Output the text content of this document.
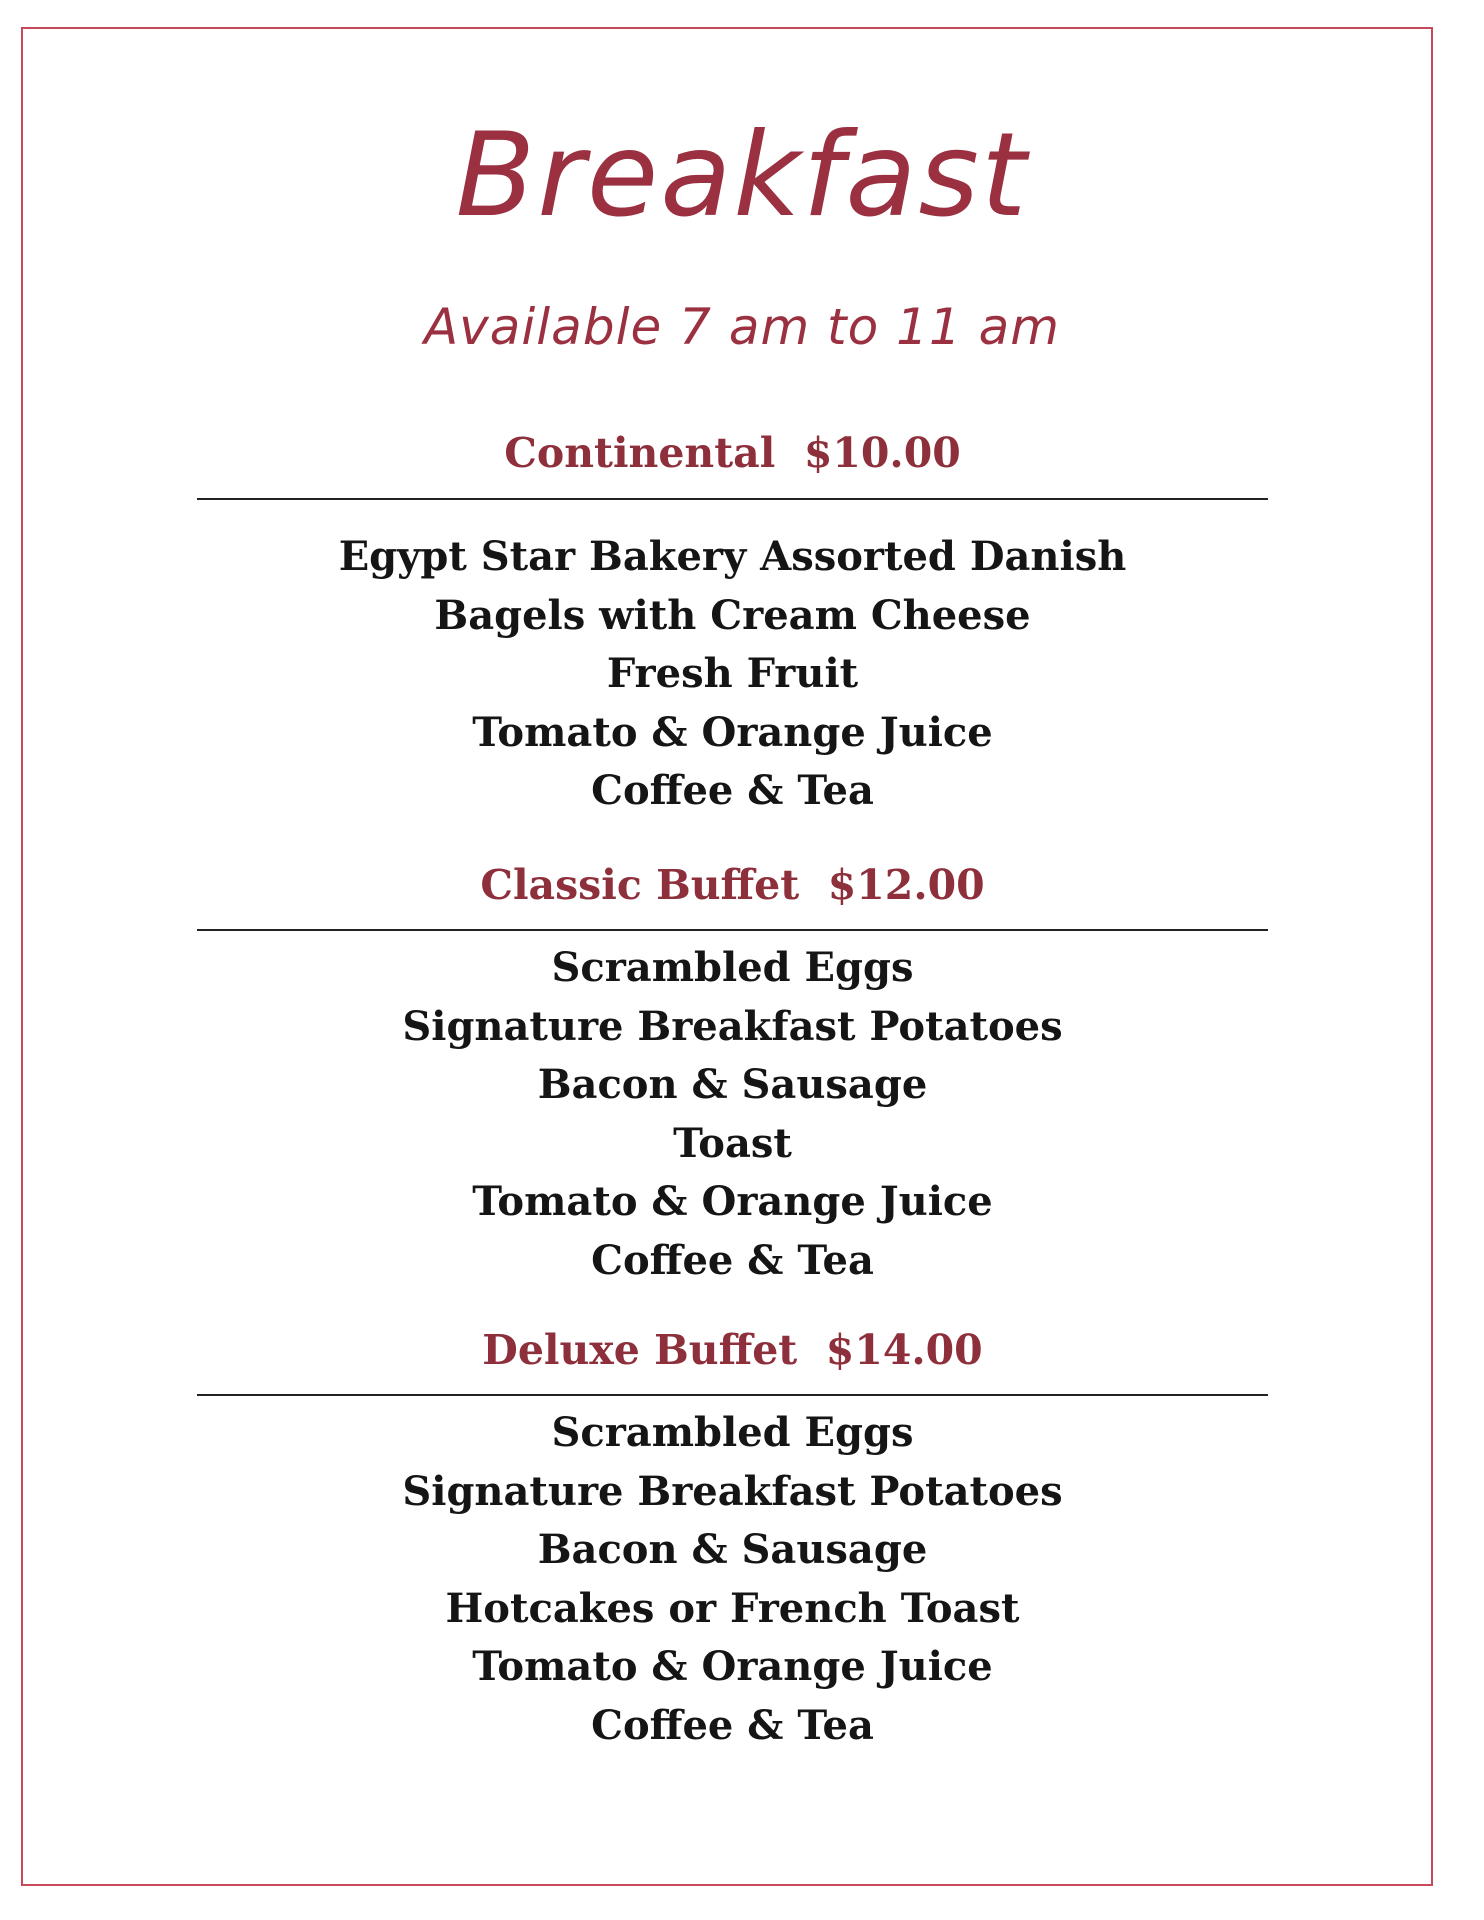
Breakfast
Available 7 am to 11 am
Continental  $10.00
Egypt Star Bakery Assorted Danish
Bagels with Cream Cheese
Fresh Fruit
Tomato & Orange Juice
Coffee & Tea
Classic Buffet  $12.00
Scrambled Eggs
Signature Breakfast Potatoes
Bacon & Sausage
Toast
Tomato & Orange Juice
Coffee & Tea
Deluxe Buffet  $14.00
Scrambled Eggs
Signature Breakfast Potatoes
Bacon & Sausage
Hotcakes or French Toast
Tomato & Orange Juice
Coffee & Tea
